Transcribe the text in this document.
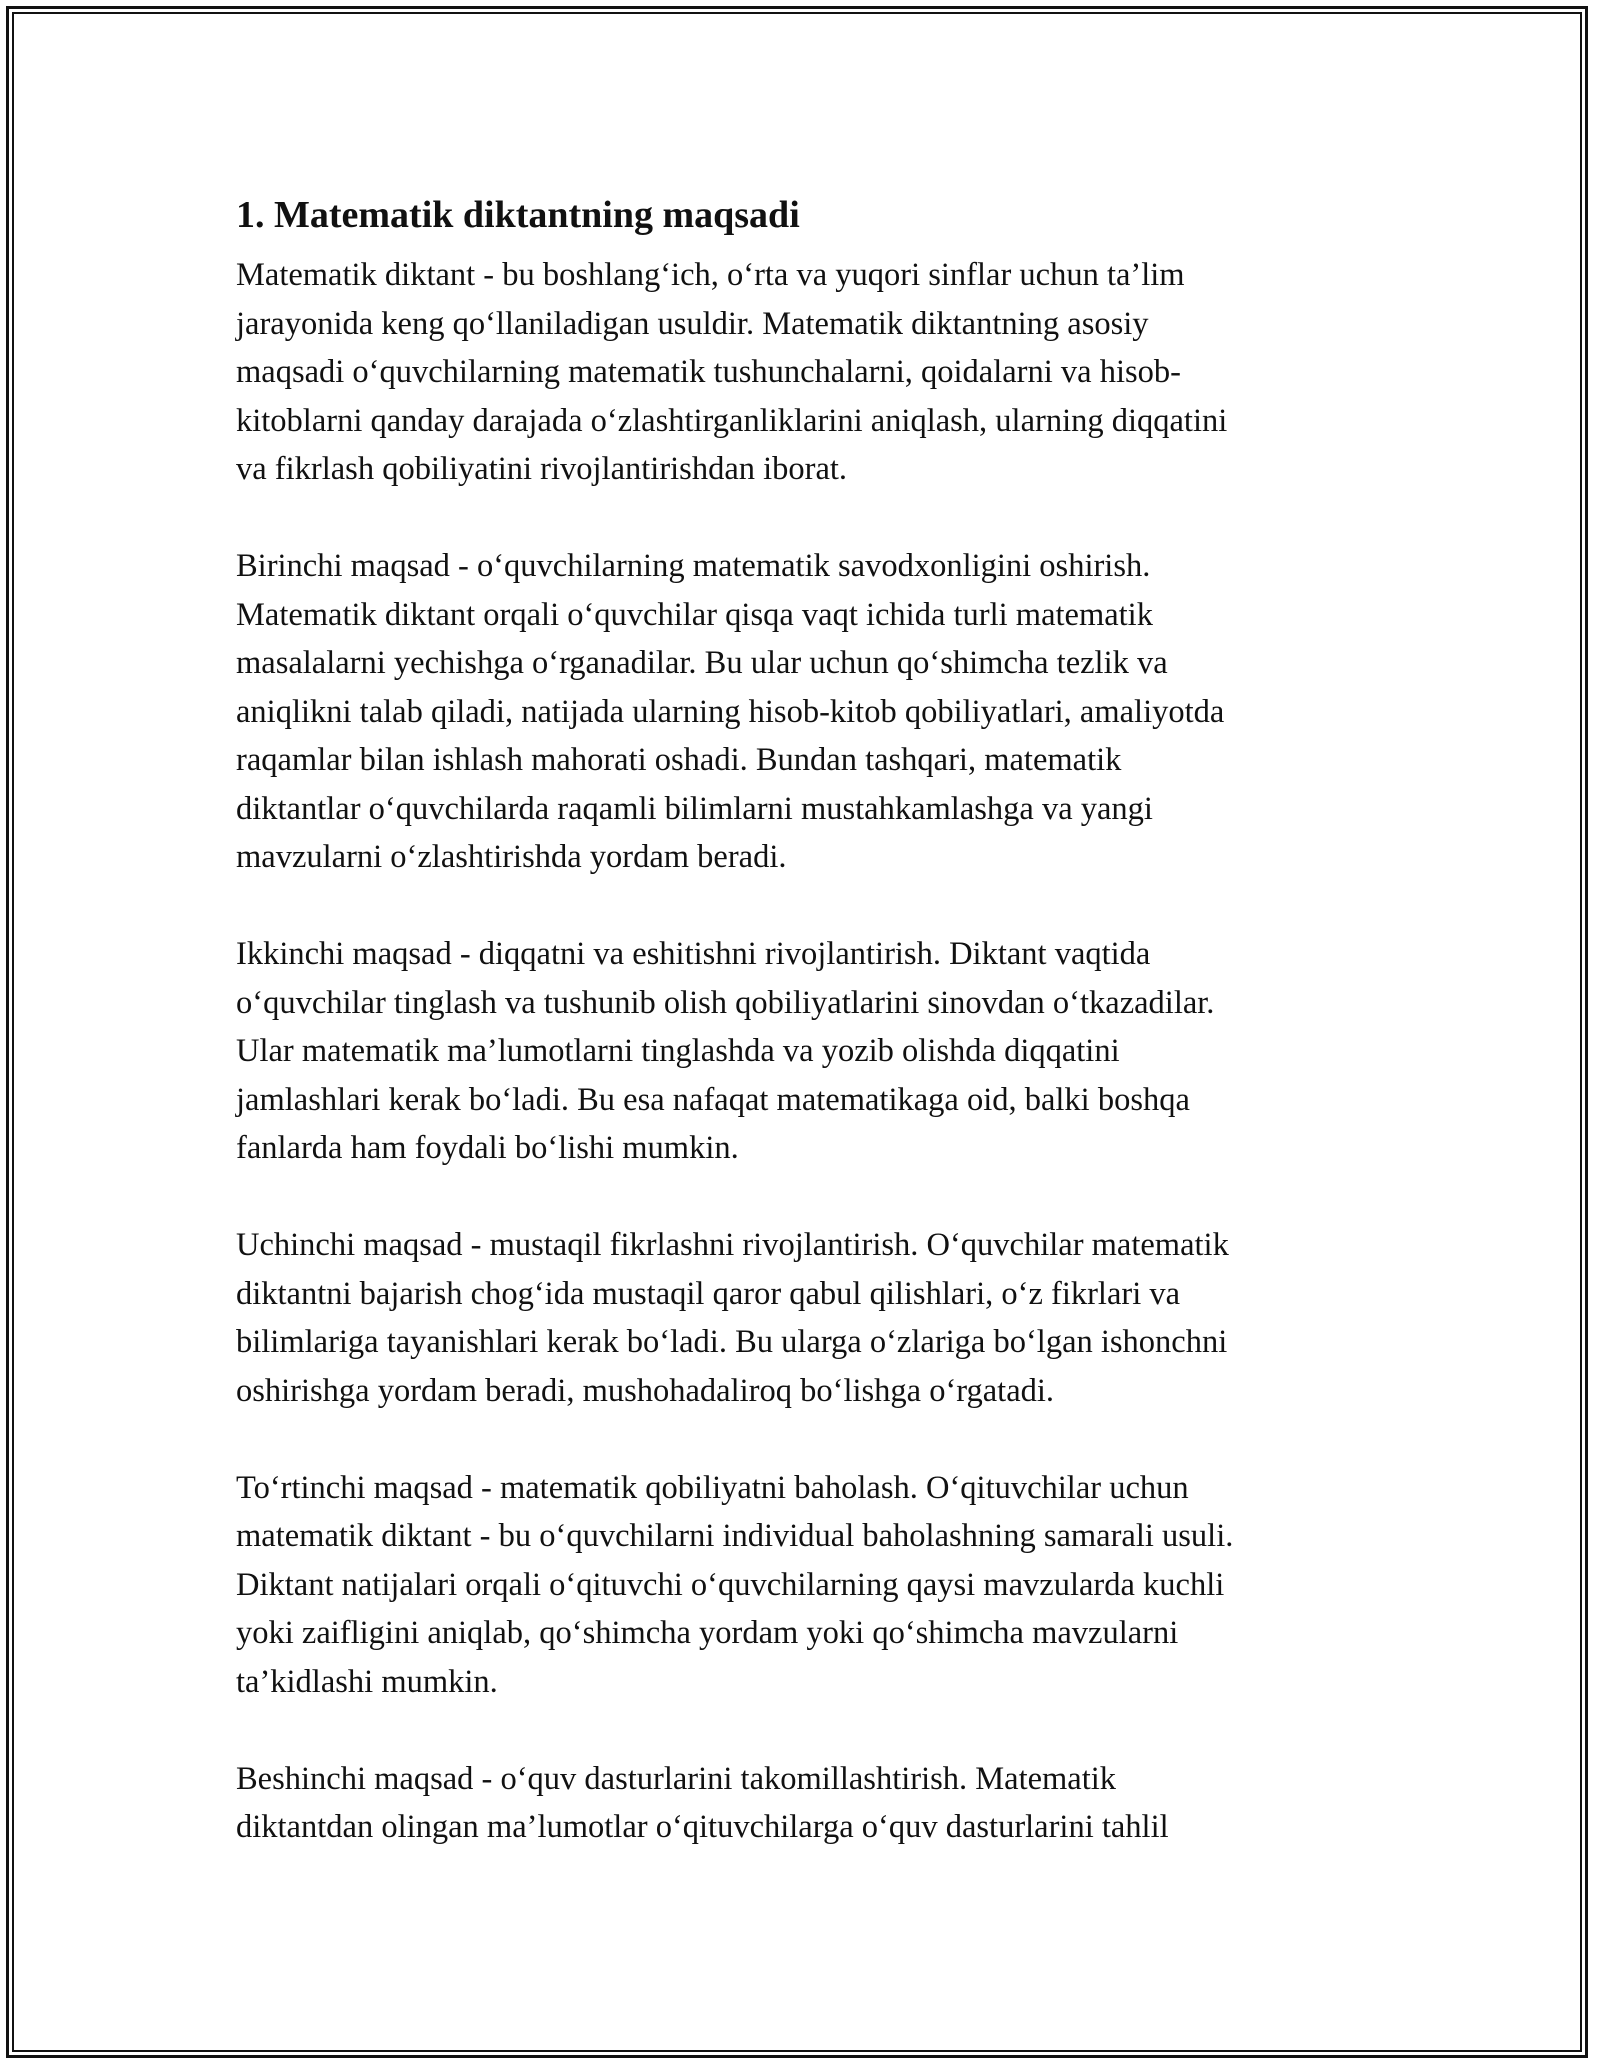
1. Matematik diktantning maqsadi
Matematik diktant - bu boshlang‘ich, o‘rta va yuqori sinflar uchun ta’lim
jarayonida keng qo‘llaniladigan usuldir. Matematik diktantning asosiy
maqsadi o‘quvchilarning matematik tushunchalarni, qoidalarni va hisob-
kitoblarni qanday darajada o‘zlashtirganliklarini aniqlash, ularning diqqatini
va fikrlash qobiliyatini rivojlantirishdan iborat.
Birinchi maqsad - o‘quvchilarning matematik savodxonligini oshirish.
Matematik diktant orqali o‘quvchilar qisqa vaqt ichida turli matematik
masalalarni yechishga o‘rganadilar. Bu ular uchun qo‘shimcha tezlik va
aniqlikni talab qiladi, natijada ularning hisob-kitob qobiliyatlari, amaliyotda
raqamlar bilan ishlash mahorati oshadi. Bundan tashqari, matematik
diktantlar o‘quvchilarda raqamli bilimlarni mustahkamlashga va yangi
mavzularni o‘zlashtirishda yordam beradi.
Ikkinchi maqsad - diqqatni va eshitishni rivojlantirish. Diktant vaqtida
o‘quvchilar tinglash va tushunib olish qobiliyatlarini sinovdan o‘tkazadilar.
Ular matematik ma’lumotlarni tinglashda va yozib olishda diqqatini
jamlashlari kerak bo‘ladi. Bu esa nafaqat matematikaga oid, balki boshqa
fanlarda ham foydali bo‘lishi mumkin.
Uchinchi maqsad - mustaqil fikrlashni rivojlantirish. O‘quvchilar matematik
diktantni bajarish chog‘ida mustaqil qaror qabul qilishlari, o‘z fikrlari va
bilimlariga tayanishlari kerak bo‘ladi. Bu ularga o‘zlariga bo‘lgan ishonchni
oshirishga yordam beradi, mushohadaliroq bo‘lishga o‘rgatadi.
To‘rtinchi maqsad - matematik qobiliyatni baholash. O‘qituvchilar uchun
matematik diktant - bu o‘quvchilarni individual baholashning samarali usuli.
Diktant natijalari orqali o‘qituvchi o‘quvchilarning qaysi mavzularda kuchli
yoki zaifligini aniqlab, qo‘shimcha yordam yoki qo‘shimcha mavzularni
ta’kidlashi mumkin.
Beshinchi maqsad - o‘quv dasturlarini takomillashtirish. Matematik
diktantdan olingan ma’lumotlar o‘qituvchilarga o‘quv dasturlarini tahlil
